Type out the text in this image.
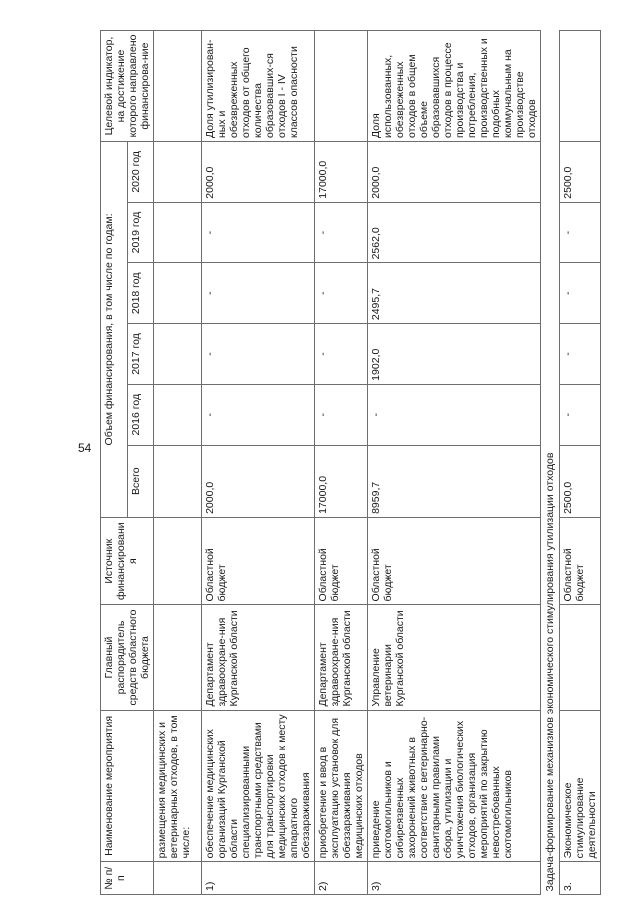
54
№ п/п	Наименование мероприятия	Главный распорядитель средств областного бюджета	Источник финансирования	Объем финансирования, в том числе по годам:						Целевой индикатор, на достижение которого направлено финансирова-ние
				Всего	2016 год	2017 год	2018 год	2019 год	2020 год	
	размещения медицинских и ветеринарных отходов, в том числе:									
1)	обеспечение медицинских организаций Курганской области специализированными транспортными средствами для транспортировки медицинских отходов к месту аппаратного обеззараживания	Департамент здравоохране-ния Курганской области	Областной бюджет	2000,0	-	-	-	-	2000,0	Доля утилизирован-ных и обезвреженных отходов от общего количества образовавших-ся отходов I - IV классов опасности
2)	приобретение и ввод в эксплуатацию установок для обеззараживания медицинских отходов	Департамент здравоохране-ния Курганской области	Областной бюджет	17000,0	-	-	-	-	17000,0	
3)	приведение скотомогильников и сибиреязвенных захоронений животных в соответствие с ветеринарно-санитарными правилами сбора, утилизации и уничтожения биологических отходов, организация мероприятий по закрытию невостребованных скотомогильников	Управление ветеринарии Курганской области	Областной бюджет	8959,7	-	1902,0	2495,7	2562,0	2000,0	Доля использованных, обезвреженных отходов в общем объеме образовавшихся отходов в процессе производства и потребления, производственных и подобных коммунальным на производстве отходов
Задача-формирование механизмов экономического стимулирования утилизации отходов										
3.	Экономическое стимулирование деятельности		Областной бюджет	2500,0	-	-	-	-	2500,0	
